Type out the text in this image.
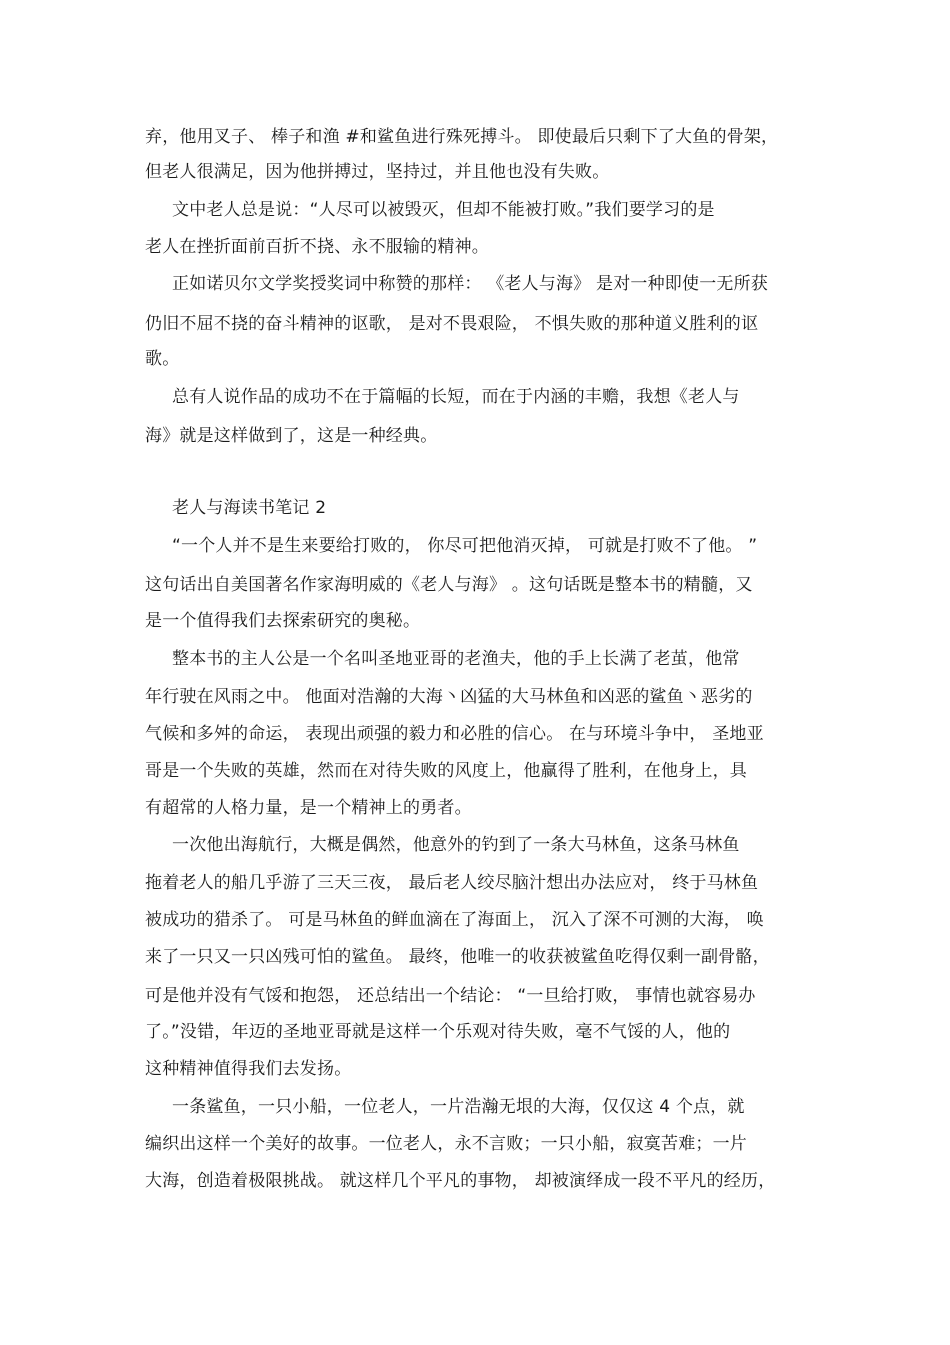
弃，他用叉子、 棒子和渔 #和鲨鱼进行殊死搏斗。 即使最后只剩下了大鱼的骨架，
但老人很满足，因为他拼搏过，坚持过，并且他也没有失败。
文中老人总是说：“人尽可以被毁灭，但却不能被打败。”我们要学习的是
老人在挫折面前百折不挠、永不服输的精神。
正如诺贝尔文学奖授奖词中称赞的那样： 《老人与海》 是对一种即使一无所获
仍旧不屈不挠的奋斗精神的讴歌， 是对不畏艰险， 不惧失败的那种道义胜利的讴
歌。
总有人说作品的成功不在于篇幅的长短，而在于内涵的丰赡，我想《老人与
海》就是这样做到了，这是一种经典。
老人与海读书笔记 2
“一个人并不是生来要给打败的， 你尽可把他消灭掉， 可就是打败不了他。 ”
这句话出自美国著名作家海明威的《老人与海》 。这句话既是整本书的精髓，又
是一个值得我们去探索研究的奥秘。
整本书的主人公是一个名叫圣地亚哥的老渔夫，他的手上长满了老茧，他常
年行驶在风雨之中。 他面对浩瀚的大海丶凶猛的大马林鱼和凶恶的鲨鱼丶恶劣的
气候和多舛的命运， 表现出顽强的毅力和必胜的信心。 在与环境斗争中， 圣地亚
哥是一个失败的英雄，然而在对待失败的风度上，他赢得了胜利，在他身上，具
有超常的人格力量，是一个精神上的勇者。
一次他出海航行，大概是偶然，他意外的钓到了一条大马林鱼，这条马林鱼
拖着老人的船几乎游了三天三夜， 最后老人绞尽脑汁想出办法应对， 终于马林鱼
被成功的猎杀了。 可是马林鱼的鲜血滴在了海面上， 沉入了深不可测的大海， 唤
来了一只又一只凶残可怕的鲨鱼。 最终，他唯一的收获被鲨鱼吃得仅剩一副骨骼，
可是他并没有气馁和抱怨， 还总结出一个结论： “一旦给打败， 事情也就容易办
了。”没错，年迈的圣地亚哥就是这样一个乐观对待失败，毫不气馁的人，他的
这种精神值得我们去发扬。
一条鲨鱼，一只小船，一位老人，一片浩瀚无垠的大海，仅仅这 4 个点，就
编织出这样一个美好的故事。一位老人，永不言败；一只小船，寂寞苦难；一片
大海，创造着极限挑战。 就这样几个平凡的事物， 却被演绎成一段不平凡的经历，
